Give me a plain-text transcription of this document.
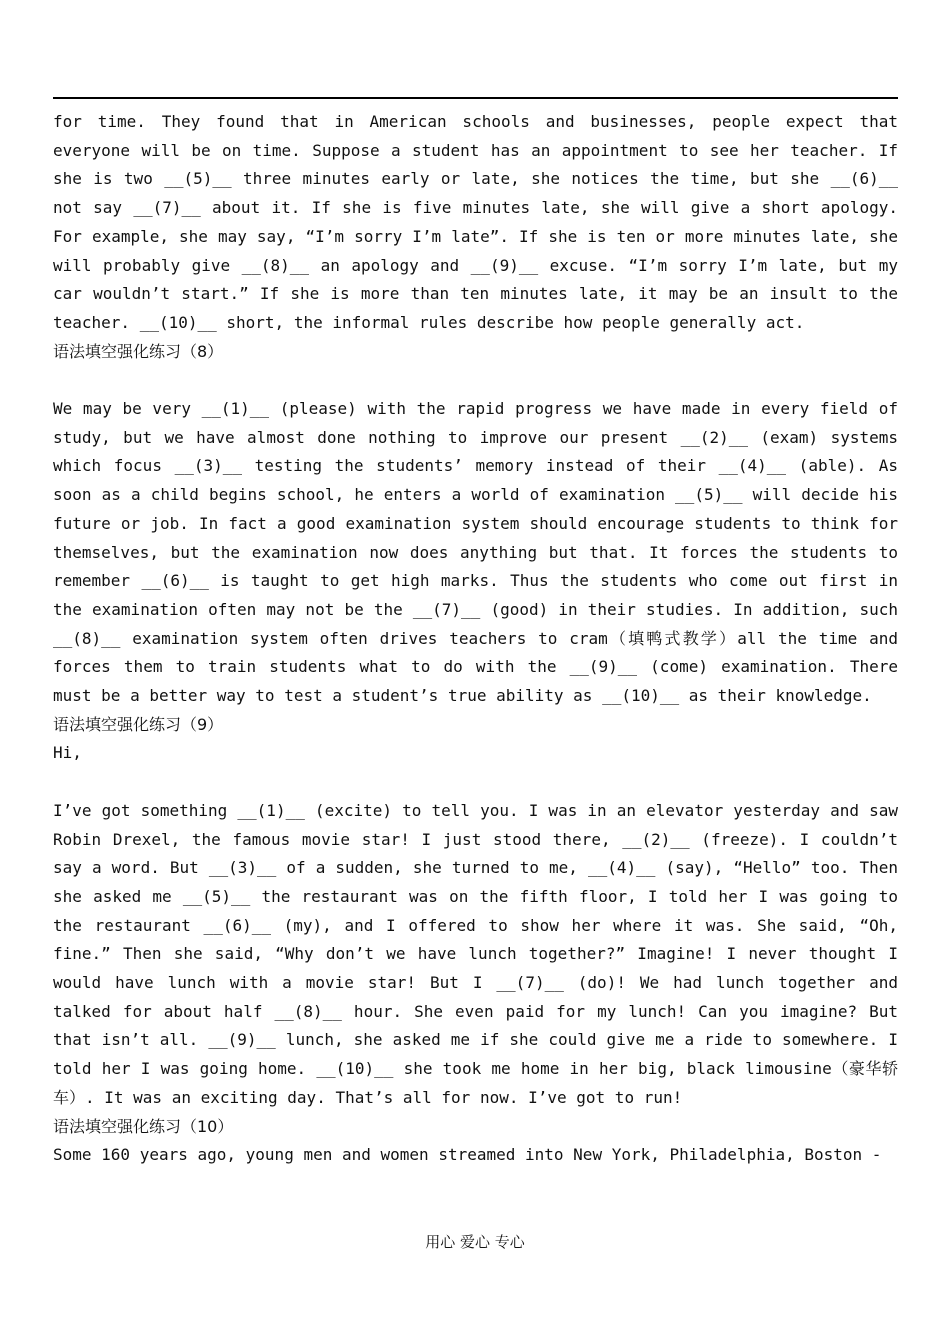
for time. They found that in American schools and businesses, people expect that everyone will be on time. Suppose a student has an appointment to see her teacher. If she is two __(5)__ three minutes early or late, she notices the time, but she __(6)__ not say __(7)__ about it. If she is five minutes late, she will give a short apology. For example, she may say, “I’m sorry I’m late”. If she is ten or more minutes late, she will probably give __(8)__ an apology and __(9)__ excuse. “I’m sorry I’m late, but my car wouldn’t start.” If she is more than ten minutes late, it may be an insult to the teacher. __(10)__ short, the informal rules describe how people generally act.

语法填空强化练习（8）

We may be very __(1)__ (please) with the rapid progress we have made in every field of study, but we have almost done nothing to improve our present __(2)__ (exam) systems which focus __(3)__ testing the students’ memory instead of their __(4)__ (able). As soon as a child begins school, he enters a world of examination __(5)__ will decide his future or job. In fact a good examination system should encourage students to think for themselves, but the examination now does anything but that. It forces the students to remember __(6)__ is taught to get high marks. Thus the students who come out first in the examination often may not be the __(7)__ (good) in their studies. In addition, such __(8)__ examination system often drives teachers to cram（填鸭式教学）all the time and forces them to train students what to do with the __(9)__ (come) examination. There must be a better way to test a student’s true ability as __(10)__ as their knowledge.

语法填空强化练习（9）

Hi,

I’ve got something __(1)__ (excite) to tell you. I was in an elevator yesterday and saw Robin Drexel, the famous movie star! I just stood there, __(2)__ (freeze). I couldn’t say a word. But __(3)__ of a sudden, she turned to me, __(4)__ (say), “Hello” too. Then she asked me __(5)__ the restaurant was on the fifth floor, I told her I was going to the restaurant __(6)__ (my), and I offered to show her where it was. She said, “Oh, fine.” Then she said, “Why don’t we have lunch together?” Imagine! I never thought I would have lunch with a movie star! But I __(7)__ (do)! We had lunch together and talked for about half __(8)__ hour. She even paid for my lunch! Can you imagine? But that isn’t all. __(9)__ lunch, she asked me if she could give me a ride to somewhere. I told her I was going home. __(10)__ she took me home in her big, black limousine（豪华轿车）. It was an exciting day. That’s all for now. I’ve got to run!

语法填空强化练习（10）

Some 160 years ago, young men and women streamed into New York, Philadelphia, Boston -

用心 爱心 专心
